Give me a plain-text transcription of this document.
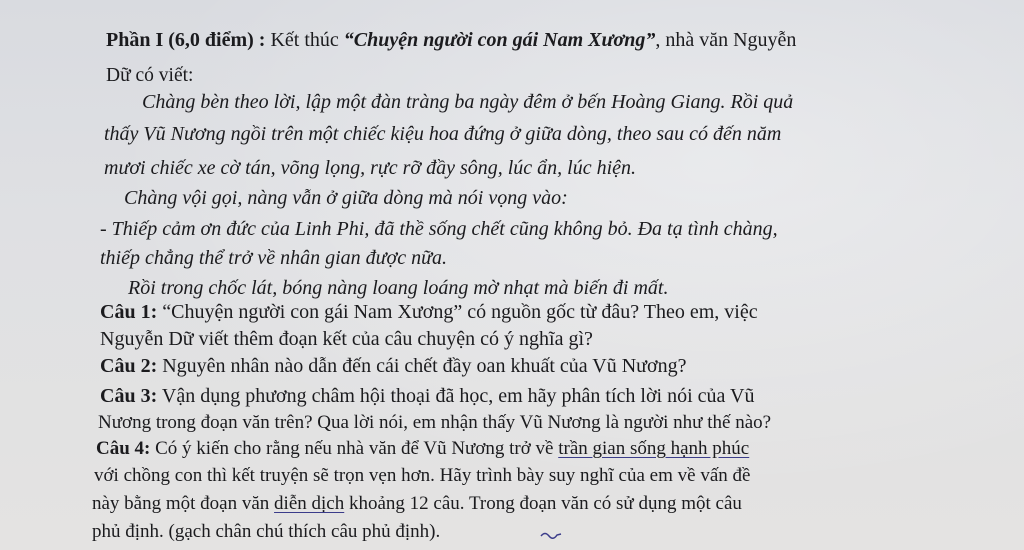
Phần I (6,0 điểm) : Kết thúc “Chuyện người con gái Nam Xương”, nhà văn Nguyễn
Dữ có viết:
Chàng bèn theo lời, lập một đàn tràng ba ngày đêm ở bến Hoàng Giang. Rồi quả
thấy Vũ Nương ngồi trên một chiếc kiệu hoa đứng ở giữa dòng, theo sau có đến năm
mươi chiếc xe cờ tán, võng lọng, rực rỡ đầy sông, lúc ẩn, lúc hiện.
Chàng vội gọi, nàng vẫn ở giữa dòng mà nói vọng vào:
- Thiếp cảm ơn đức của Linh Phi, đã thề sống chết cũng không bỏ. Đa tạ tình chàng,
thiếp chẳng thể trở về nhân gian được nữa.
Rồi trong chốc lát, bóng nàng loang loáng mờ nhạt mà biến đi mất.
Câu 1: “Chuyện người con gái Nam Xương” có nguồn gốc từ đâu? Theo em, việc
Nguyễn Dữ viết thêm đoạn kết của câu chuyện có ý nghĩa gì?
Câu 2: Nguyên nhân nào dẫn đến cái chết đầy oan khuất của Vũ Nương?
Câu 3: Vận dụng phương châm hội thoại đã học, em hãy phân tích lời nói của Vũ
Nương trong đoạn văn trên? Qua lời nói, em nhận thấy Vũ Nương là người như thế nào?
Câu 4: Có ý kiến cho rằng nếu nhà văn để Vũ Nương trở về trần gian sống hạnh phúc
với chồng con thì kết truyện sẽ trọn vẹn hơn. Hãy trình bày suy nghĩ của em về vấn đề
này bằng một đoạn văn diễn dịch khoảng 12 câu. Trong đoạn văn có sử dụng một câu
phủ định. (gạch chân chú thích câu phủ định).
